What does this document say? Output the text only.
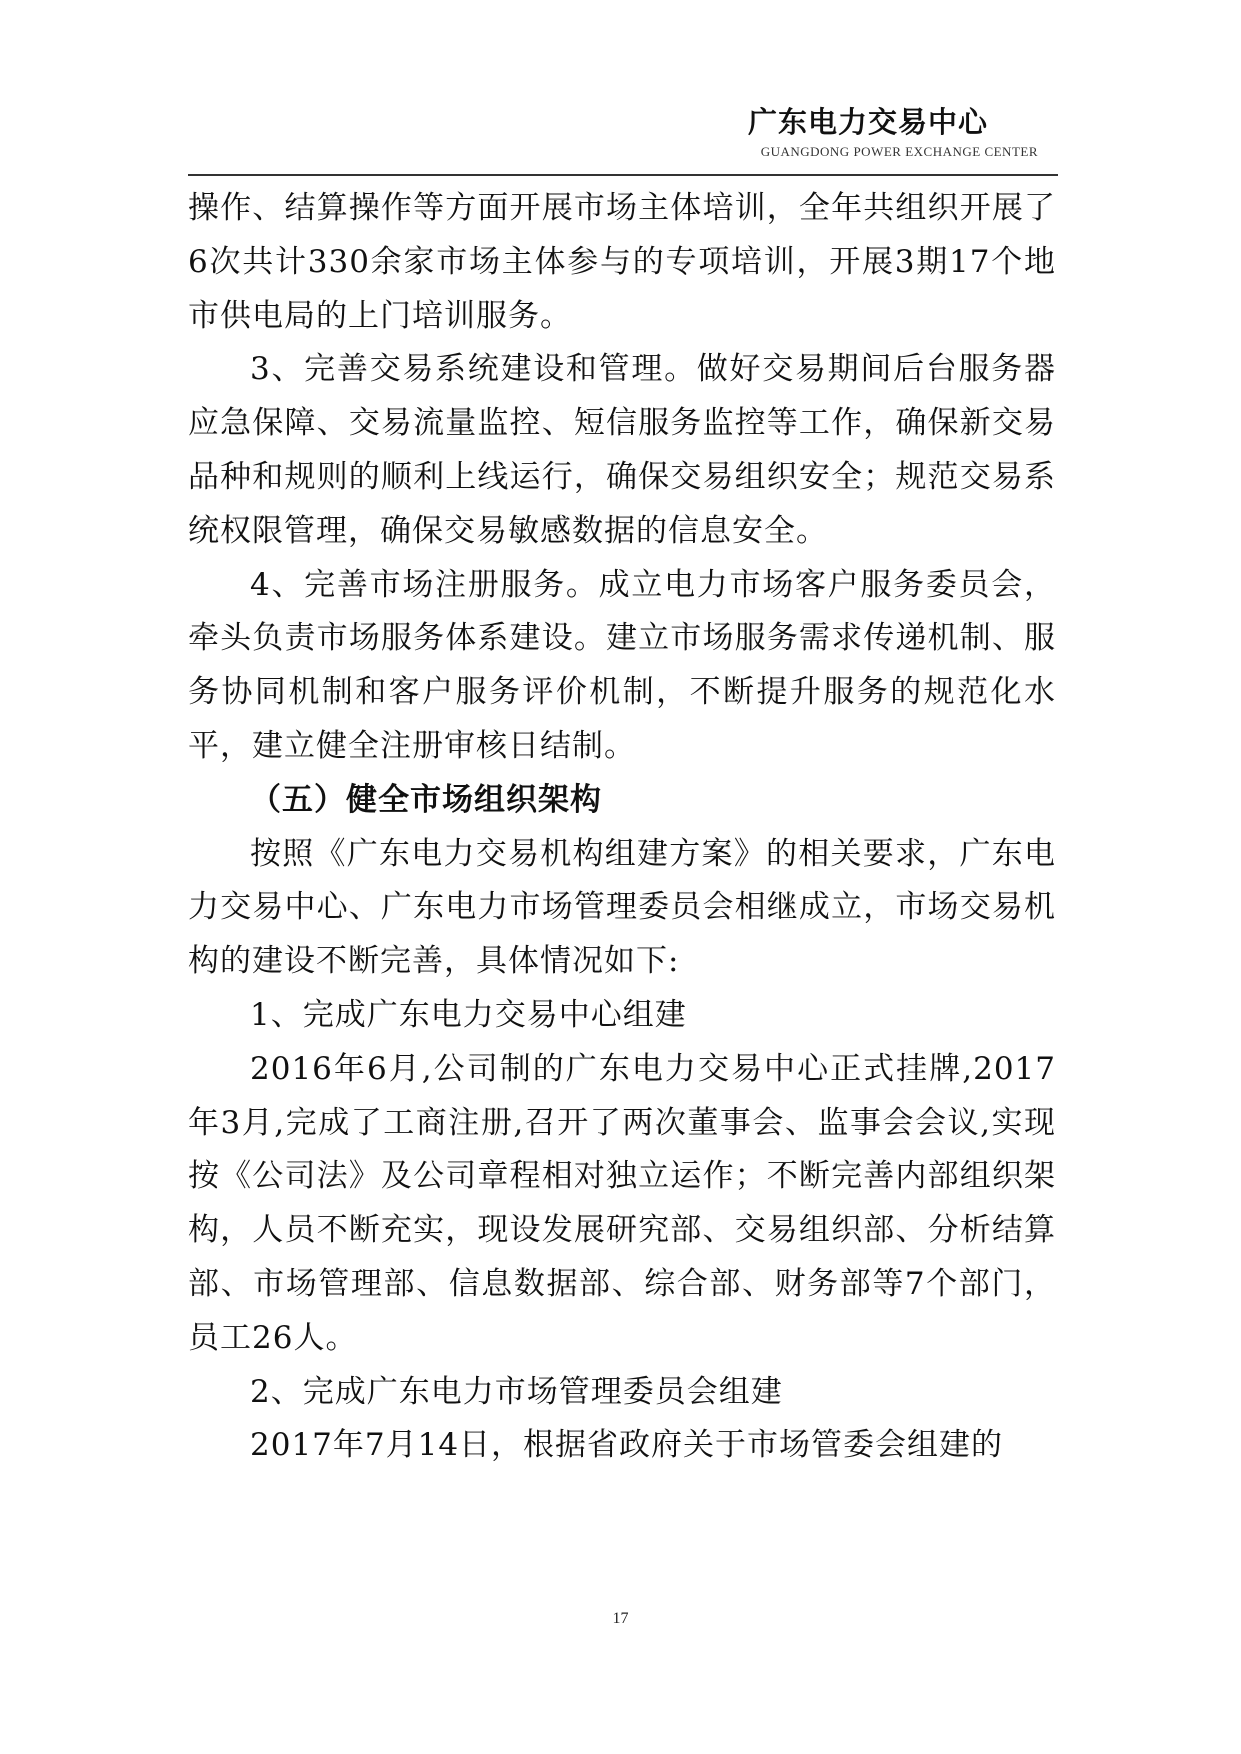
广东电力交易中心
GUANGDONG POWER EXCHANGE CENTER

操作、结算操作等方面开展市场主体培训，全年共组织开展了6次共计330余家市场主体参与的专项培训，开展3期17个地市供电局的上门培训服务。

3、完善交易系统建设和管理。做好交易期间后台服务器应急保障、交易流量监控、短信服务监控等工作，确保新交易品种和规则的顺利上线运行，确保交易组织安全；规范交易系统权限管理，确保交易敏感数据的信息安全。

4、完善市场注册服务。成立电力市场客户服务委员会，牵头负责市场服务体系建设。建立市场服务需求传递机制、服务协同机制和客户服务评价机制，不断提升服务的规范化水平，建立健全注册审核日结制。

（五）健全市场组织架构

按照《广东电力交易机构组建方案》的相关要求，广东电力交易中心、广东电力市场管理委员会相继成立，市场交易机构的建设不断完善，具体情况如下:

1、完成广东电力交易中心组建

2016年6月,公司制的广东电力交易中心正式挂牌,2017年3月,完成了工商注册,召开了两次董事会、监事会会议,实现按《公司法》及公司章程相对独立运作；不断完善内部组织架构，人员不断充实，现设发展研究部、交易组织部、分析结算部、市场管理部、信息数据部、综合部、财务部等7个部门，员工26人。

2、完成广东电力市场管理委员会组建

2017年7月14日，根据省政府关于市场管委会组建的

17
